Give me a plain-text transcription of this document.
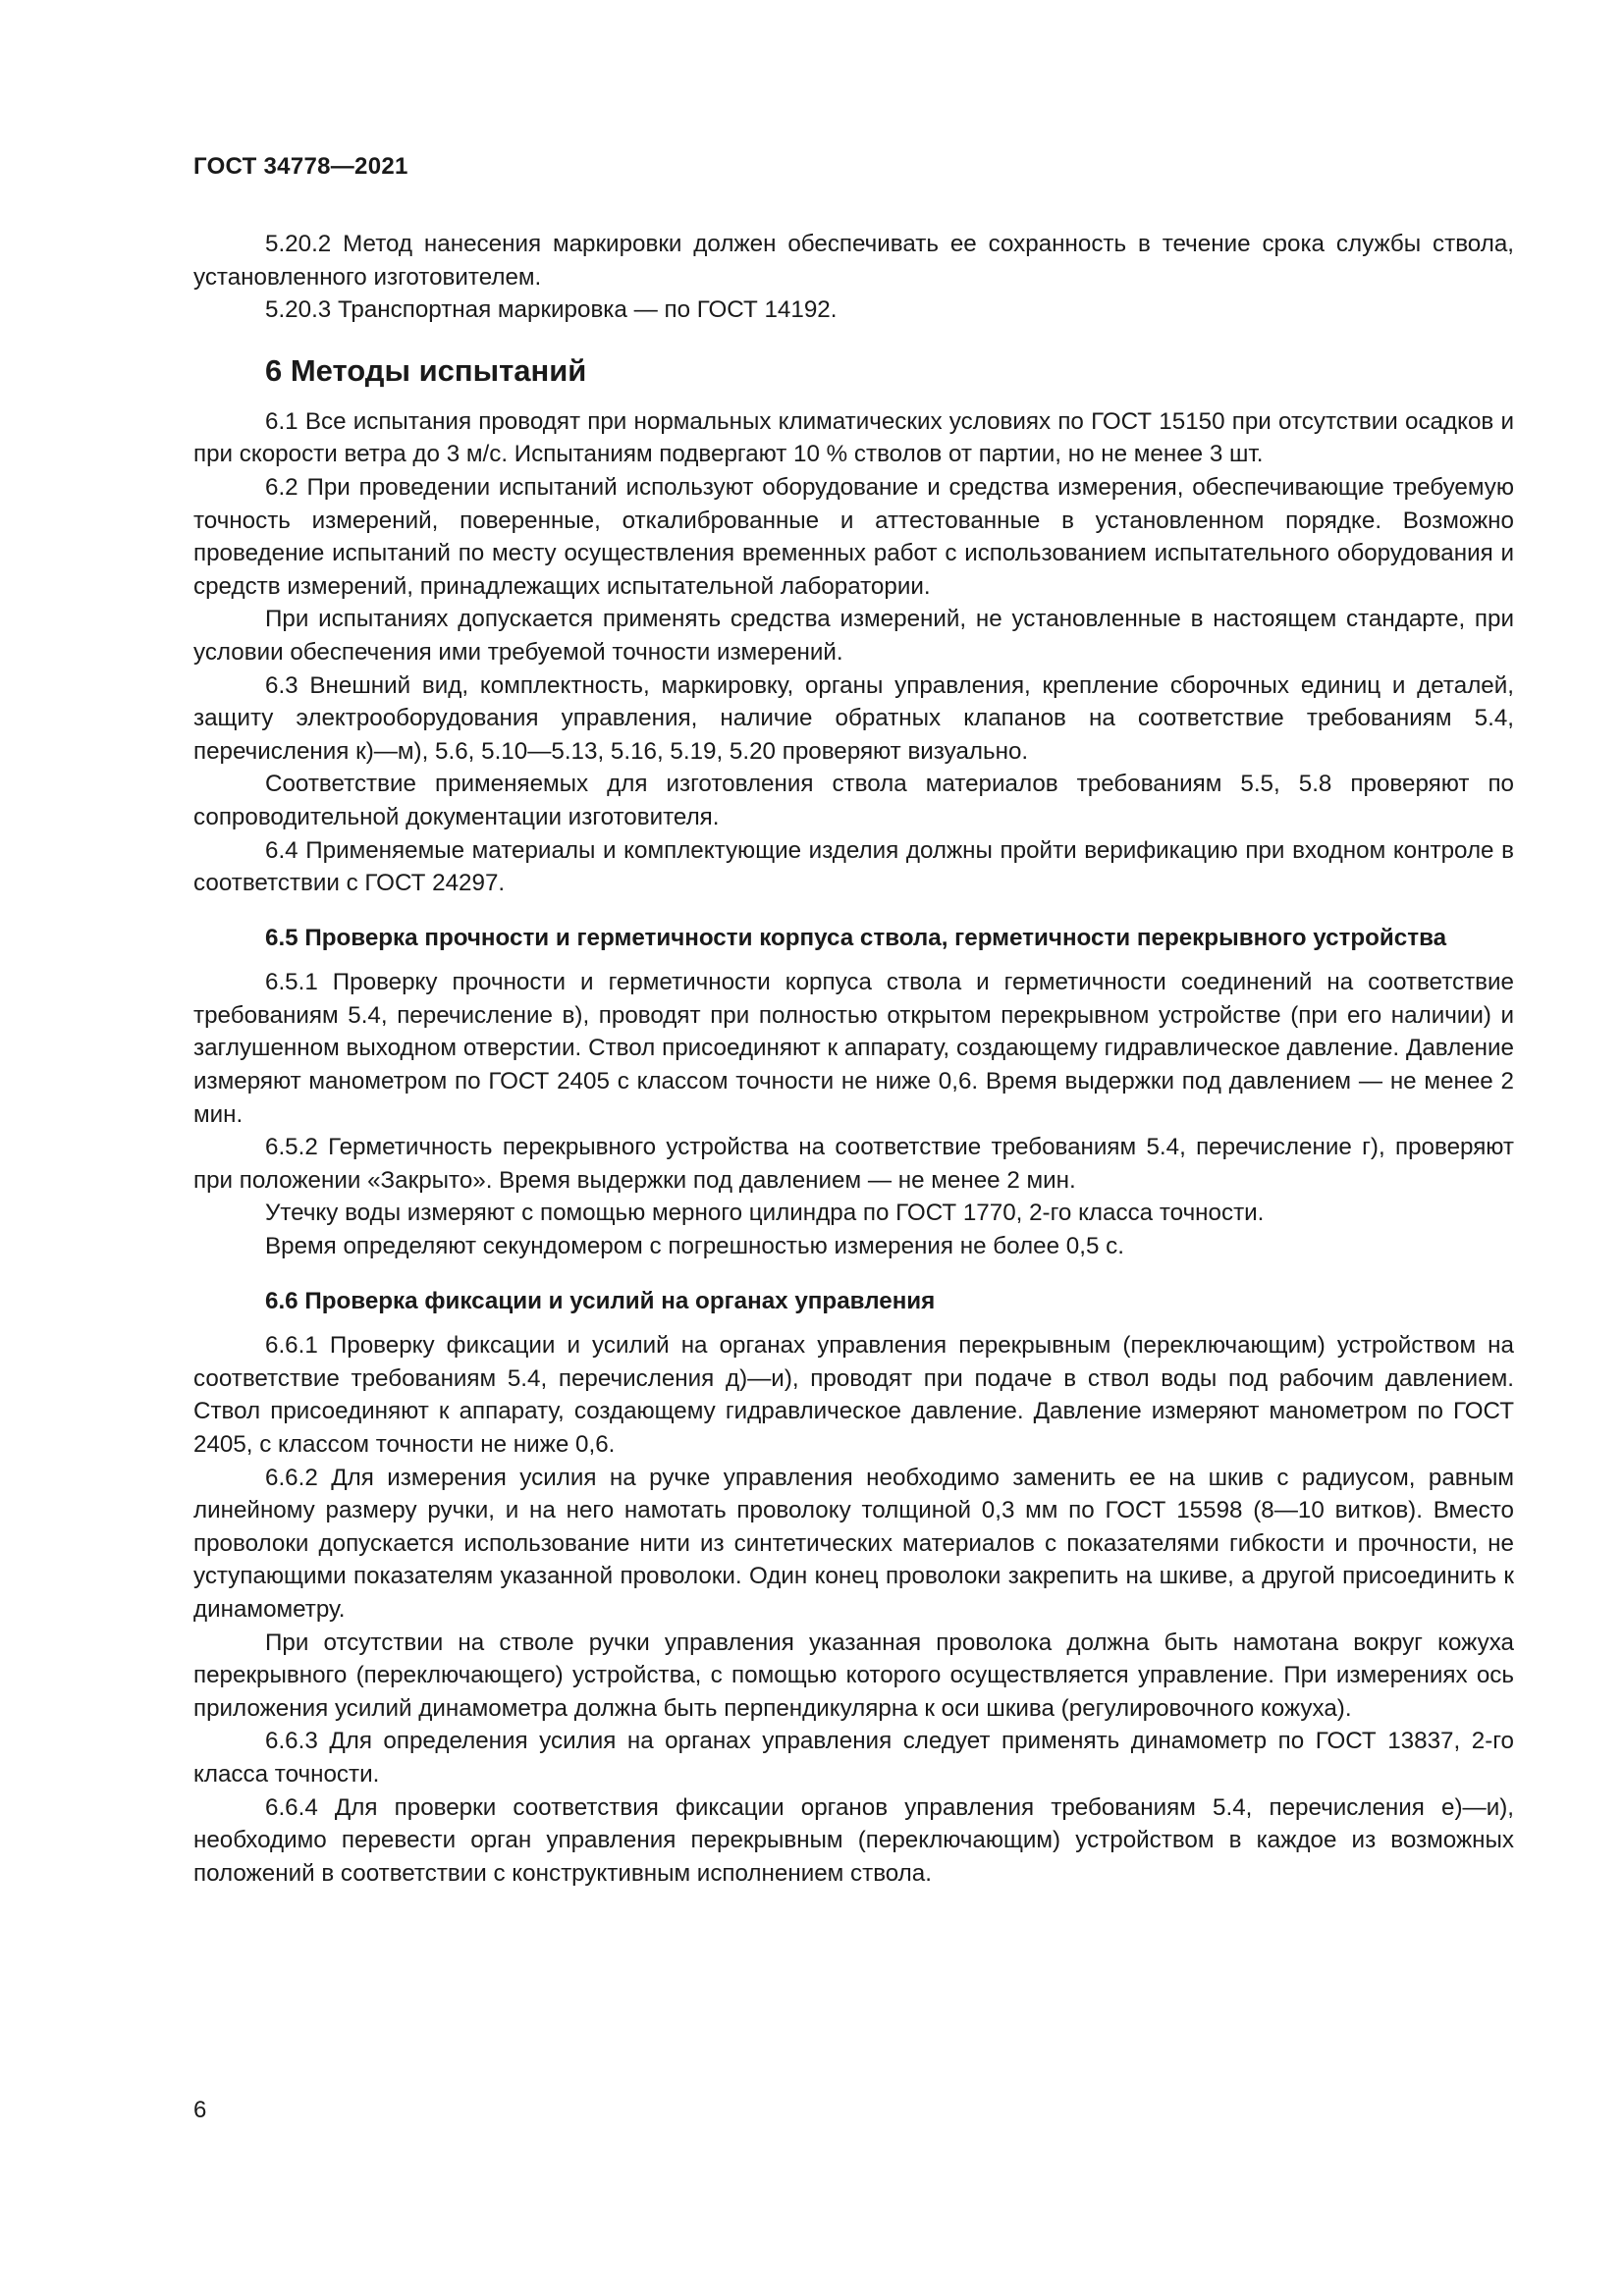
ГОСТ 34778—2021

5.20.2 Метод нанесения маркировки должен обеспечивать ее сохранность в течение срока службы ствола, установленного изготовителем.

5.20.3 Транспортная маркировка — по ГОСТ 14192.

6 Методы испытаний

6.1 Все испытания проводят при нормальных климатических условиях по ГОСТ 15150 при отсутствии осадков и при скорости ветра до 3 м/с. Испытаниям подвергают 10 % стволов от партии, но не менее 3 шт.

6.2 При проведении испытаний используют оборудование и средства измерения, обеспечивающие требуемую точность измерений, поверенные, откалиброванные и аттестованные в установленном порядке. Возможно проведение испытаний по месту осуществления временных работ с использованием испытательного оборудования и средств измерений, принадлежащих испытательной лаборатории.

При испытаниях допускается применять средства измерений, не установленные в настоящем стандарте, при условии обеспечения ими требуемой точности измерений.

6.3 Внешний вид, комплектность, маркировку, органы управления, крепление сборочных единиц и деталей, защиту электрооборудования управления, наличие обратных клапанов на соответствие требованиям 5.4, перечисления к)—м), 5.6, 5.10—5.13, 5.16, 5.19, 5.20 проверяют визуально.

Соответствие применяемых для изготовления ствола материалов требованиям 5.5, 5.8 проверяют по сопроводительной документации изготовителя.

6.4 Применяемые материалы и комплектующие изделия должны пройти верификацию при входном контроле в соответствии с ГОСТ 24297.

6.5 Проверка прочности и герметичности корпуса ствола, герметичности перекрывного устройства

6.5.1 Проверку прочности и герметичности корпуса ствола и герметичности соединений на соответствие требованиям 5.4, перечисление в), проводят при полностью открытом перекрывном устройстве (при его наличии) и заглушенном выходном отверстии. Ствол присоединяют к аппарату, создающему гидравлическое давление. Давление измеряют манометром по ГОСТ 2405 с классом точности не ниже 0,6. Время выдержки под давлением — не менее 2 мин.

6.5.2 Герметичность перекрывного устройства на соответствие требованиям 5.4, перечисление г), проверяют при положении «Закрыто». Время выдержки под давлением — не менее 2 мин.

Утечку воды измеряют с помощью мерного цилиндра по ГОСТ 1770, 2-го класса точности.

Время определяют секундомером с погрешностью измерения не более 0,5 с.

6.6 Проверка фиксации и усилий на органах управления

6.6.1 Проверку фиксации и усилий на органах управления перекрывным (переключающим) устройством на соответствие требованиям 5.4, перечисления д)—и), проводят при подаче в ствол воды под рабочим давлением. Ствол присоединяют к аппарату, создающему гидравлическое давление. Давление измеряют манометром по ГОСТ 2405, с классом точности не ниже 0,6.

6.6.2 Для измерения усилия на ручке управления необходимо заменить ее на шкив с радиусом, равным линейному размеру ручки, и на него намотать проволоку толщиной 0,3 мм по ГОСТ 15598 (8—10 витков). Вместо проволоки допускается использование нити из синтетических материалов с показателями гибкости и прочности, не уступающими показателям указанной проволоки. Один конец проволоки закрепить на шкиве, а другой присоединить к динамометру.

При отсутствии на стволе ручки управления указанная проволока должна быть намотана вокруг кожуха перекрывного (переключающего) устройства, с помощью которого осуществляется управление. При измерениях ось приложения усилий динамометра должна быть перпендикулярна к оси шкива (регулировочного кожуха).

6.6.3 Для определения усилия на органах управления следует применять динамометр по ГОСТ 13837, 2-го класса точности.

6.6.4 Для проверки соответствия фиксации органов управления требованиям 5.4, перечисления е)—и), необходимо перевести орган управления перекрывным (переключающим) устройством в каждое из возможных положений в соответствии с конструктивным исполнением ствола.

6
